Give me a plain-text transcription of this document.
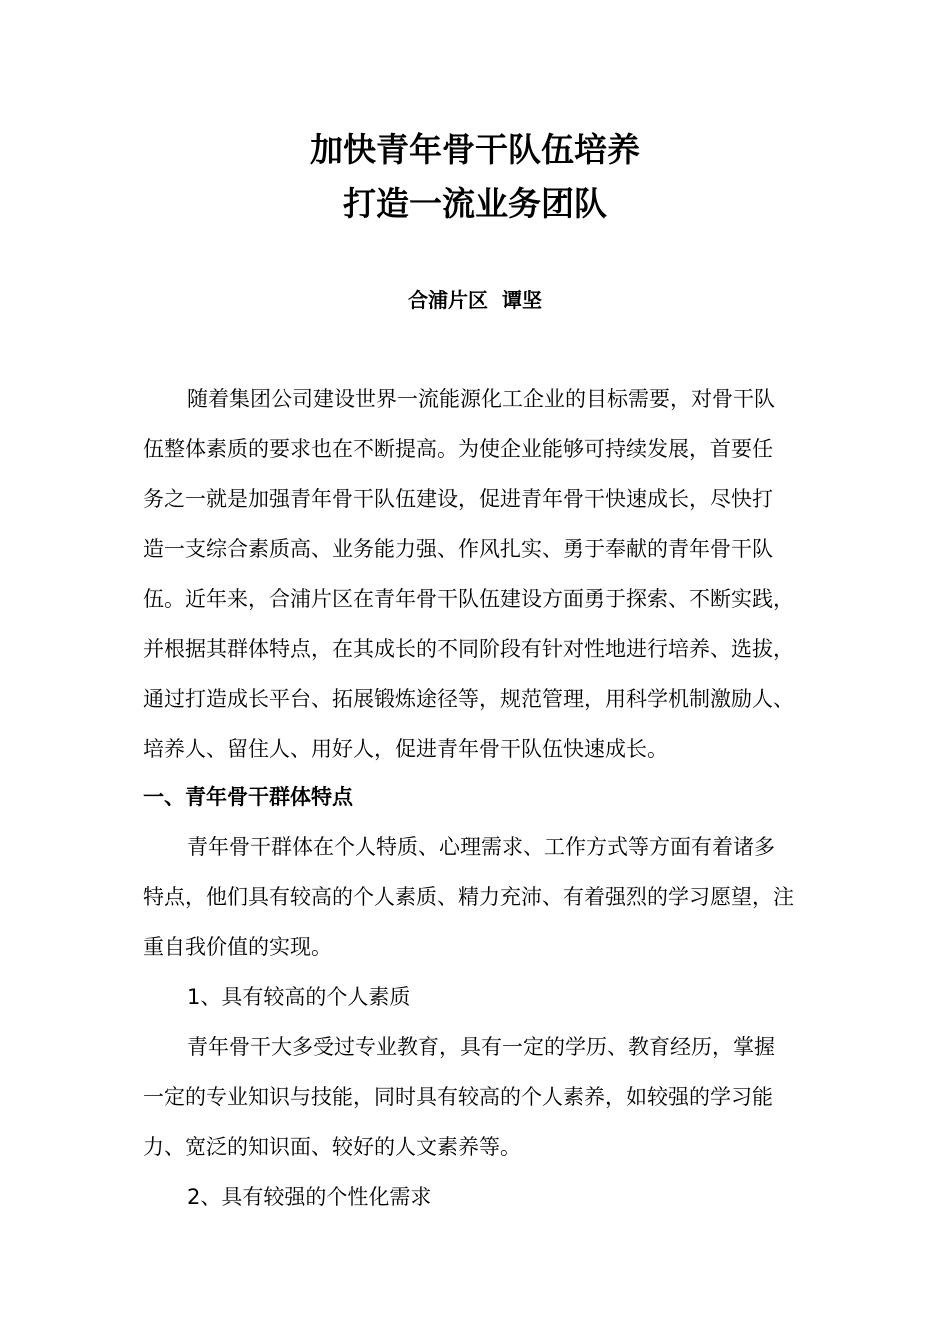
加快青年骨干队伍培养
打造一流业务团队
合浦片区 谭坚
随着集团公司建设世界一流能源化工企业的目标需要，对骨干队
伍整体素质的要求也在不断提高。为使企业能够可持续发展，首要任
务之一就是加强青年骨干队伍建设，促进青年骨干快速成长，尽快打
造一支综合素质高、业务能力强、作风扎实、勇于奉献的青年骨干队
伍。近年来，合浦片区在青年骨干队伍建设方面勇于探索、不断实践，
并根据其群体特点，在其成长的不同阶段有针对性地进行培养、选拔，
通过打造成长平台、拓展锻炼途径等，规范管理，用科学机制激励人、
培养人、留住人、用好人，促进青年骨干队伍快速成长。
一、青年骨干群体特点
青年骨干群体在个人特质、心理需求、工作方式等方面有着诸多
特点，他们具有较高的个人素质、精力充沛、有着强烈的学习愿望，注
重自我价值的实现。
1、具有较高的个人素质
青年骨干大多受过专业教育，具有一定的学历、教育经历，掌握
一定的专业知识与技能，同时具有较高的个人素养，如较强的学习能
力、宽泛的知识面、较好的人文素养等。
2、具有较强的个性化需求
